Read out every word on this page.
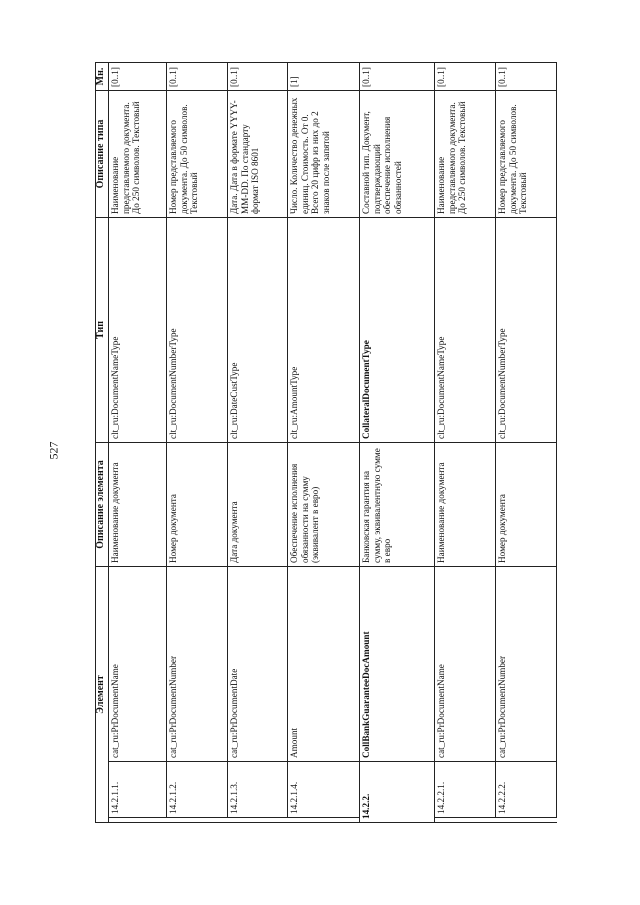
527
Элемент			Описание элемента	Тип	Описание типа	Мн.
	14.2.1.1.	cat_ru:PrDocumentName	Наименование документа	clt_ru:DocumentNameType	Наименование представляемого документа. До 250 символов. Текстовый	[0..1]
	14.2.1.2.	cat_ru:PrDocumentNumber	Номер документа	clt_ru:DocumentNumberType	Номер представляемого документа. До 50 символов. Текстовый	[0..1]
	14.2.1.3.	cat_ru:PrDocumentDate	Дата документа	clt_ru:DateCustType	Дата. Дата в формате YYYY-MM-DD. По стандарту формат ISO 8601	[0..1]
	14.2.1.4.	Amount	Обеспечение исполнения обязанности на сумму (эквивалент в евро)	clt_ru:AmountType	Число. Количество денежных единиц. Стоимость. От 0. Всего 20 цифр из них до 2 знаков после запятой	[1]
14.2.2.		CollBankGuaranteeDocAmount	Банковская гарантия на сумму, эквивалентную сумме в евро	CollateralDocumentType	Составной тип. Документ, подтверждающий обеспечение исполнения обязанностей	[0..1]
	14.2.2.1.	cat_ru:PrDocumentName	Наименование документа	clt_ru:DocumentNameType	Наименование представляемого документа. До 250 символов. Текстовый	[0..1]
	14.2.2.2.	cat_ru:PrDocumentNumber	Номер документа	clt_ru:DocumentNumberType	Номер представляемого документа. До 50 символов. Текстовый	[0..1]
